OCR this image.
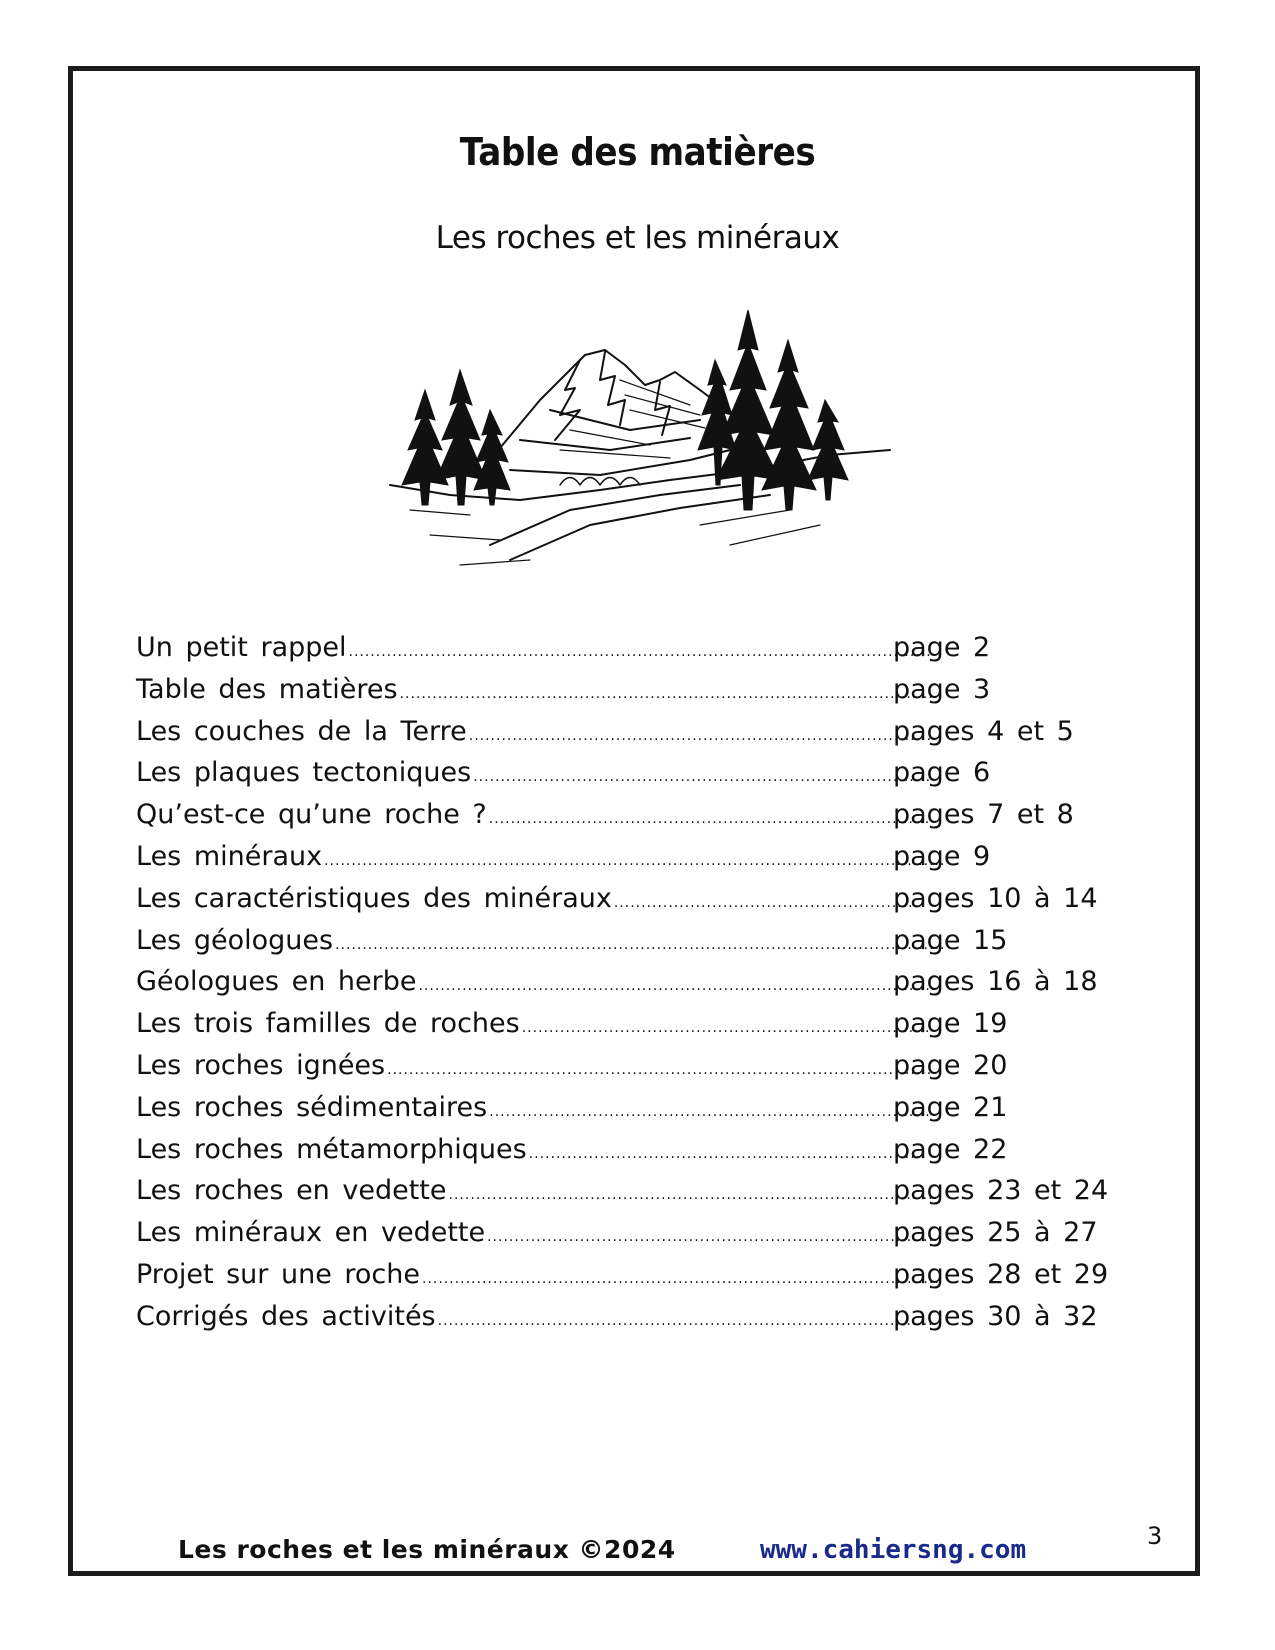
Table des matières
Les roches et les minéraux
Un petit rappel .............................................................................................................
page 2
Table des matières ...................................................................................................
page 3
Les couches de la Terre .....................................................................................
pages 4 et 5
Les plaques tectoniques ....................................................................................
page 6
Qu’est-ce qu’une roche ? .................................................................................
pages 7 et 8
Les minéraux ..................................................................................................................
page 9
Les caractéristiques des minéraux ........................................................
pages 10 à 14
Les géologues ................................................................................................................
page 15
Géologues en herbe ...............................................................................................
pages 16 à 18
Les trois familles de roches ...........................................................................
page 19
Les roches ignées ......................................................................................................
page 20
Les roches sédimentaires .................................................................................
page 21
Les roches métamorphiques .........................................................................
page 22
Les roches en vedette .........................................................................................
pages 23 et 24
Les minéraux en vedette ..................................................................................
pages 25 à 27
Projet sur une roche ...............................................................................................
pages 28 et 29
Corrigés des activités ...........................................................................................
pages 30 à 32
Les roches et les minéraux ©2024	www.cahiersng.com	3
